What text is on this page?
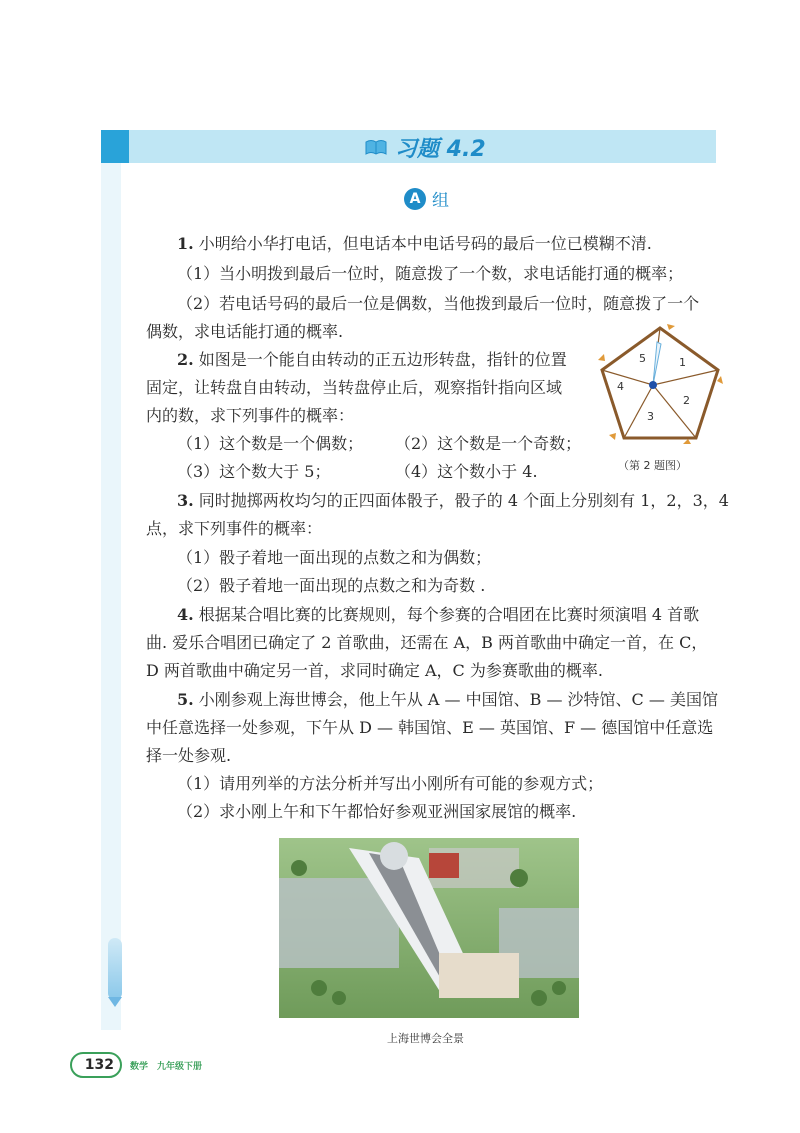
习题 4.2
A 组
1. 小明给小华打电话，但电话本中电话号码的最后一位已模糊不清.
（1）当小明拨到最后一位时，随意拨了一个数，求电话能打通的概率；
（2）若电话号码的最后一位是偶数，当他拨到最后一位时，随意拨了一个
偶数，求电话能打通的概率.
2. 如图是一个能自由转动的正五边形转盘，指针的位置
固定，让转盘自由转动，当转盘停止后，观察指针指向区域
内的数，求下列事件的概率：
（1）这个数是一个偶数； （2）这个数是一个奇数；
（3）这个数大于 5；	（4）这个数小于 4.
5	1
4
2
3
（第 2 题图）
3. 同时抛掷两枚均匀的正四面体骰子，骰子的 4 个面上分别刻有 1，2，3，4
点，求下列事件的概率：
（1）骰子着地一面出现的点数之和为偶数；
（2）骰子着地一面出现的点数之和为奇数 .
4. 根据某合唱比赛的比赛规则，每个参赛的合唱团在比赛时须演唱 4 首歌
曲. 爱乐合唱团已确定了 2 首歌曲，还需在 A，B 两首歌曲中确定一首，在 C，
D 两首歌曲中确定另一首，求同时确定 A，C 为参赛歌曲的概率.
5. 小刚参观上海世博会，他上午从 A — 中国馆、B — 沙特馆、C — 美国馆
中任意选择一处参观，下午从 D — 韩国馆、E — 英国馆、F — 德国馆中任意选
择一处参观.
（1）请用列举的方法分析并写出小刚所有可能的参观方式；
（2）求小刚上午和下午都恰好参观亚洲国家展馆的概率.
上海世博会全景
132	数学　九年级下册
